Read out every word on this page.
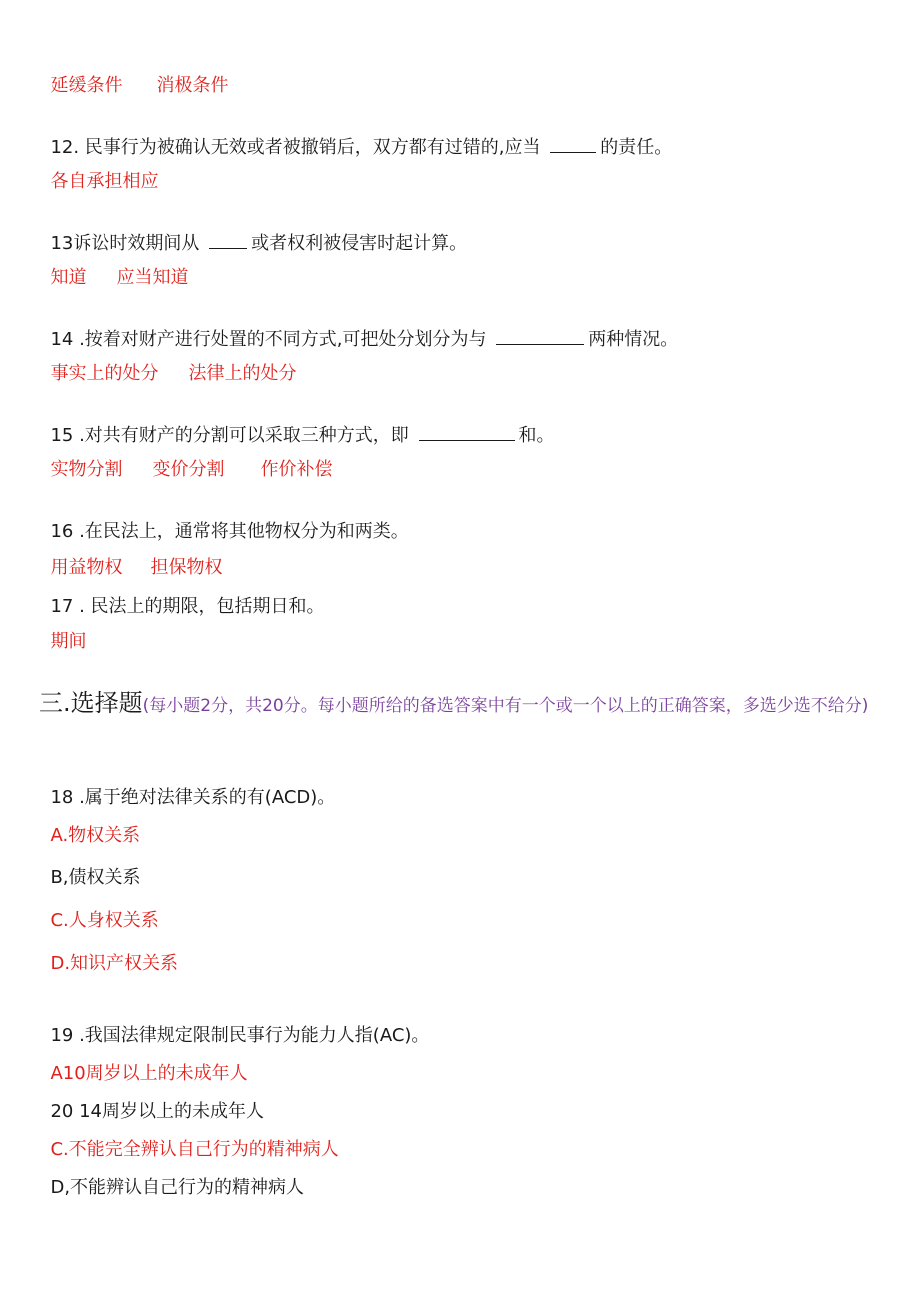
延缓条件 消极条件

12. 民事行为被确认无效或者被撤销后，双方都有过错的,应当	的责任。

各自承担相应

13诉讼时效期间从	或者权利被侵害时起计算。

知道 应当知道

14 .按着对财产进行处置的不同方式,可把处分划分为与	两种情况。

事实上的处分 法律上的处分

15 .对共有财产的分割可以采取三种方式，即	和。

实物分割 变价分割 作价补偿

16 .在民法上，通常将其他物权分为和两类。

用益物权 担保物权

17 . 民法上的期限，包括期日和。

期间

三.选择题(每小题2分，共20分。每小题所给的备选答案中有一个或一个以上的正确答案，多选少选不给分)

18 .属于绝对法律关系的有(ACD)。

A.物权关系

B,债权关系

C.人身权关系

D.知识产权关系

19 .我国法律规定限制民事行为能力人指(AC)。

A10周岁以上的未成年人

20 14周岁以上的未成年人

C.不能完全辨认自己行为的精神病人

D,不能辨认自己行为的精神病人
